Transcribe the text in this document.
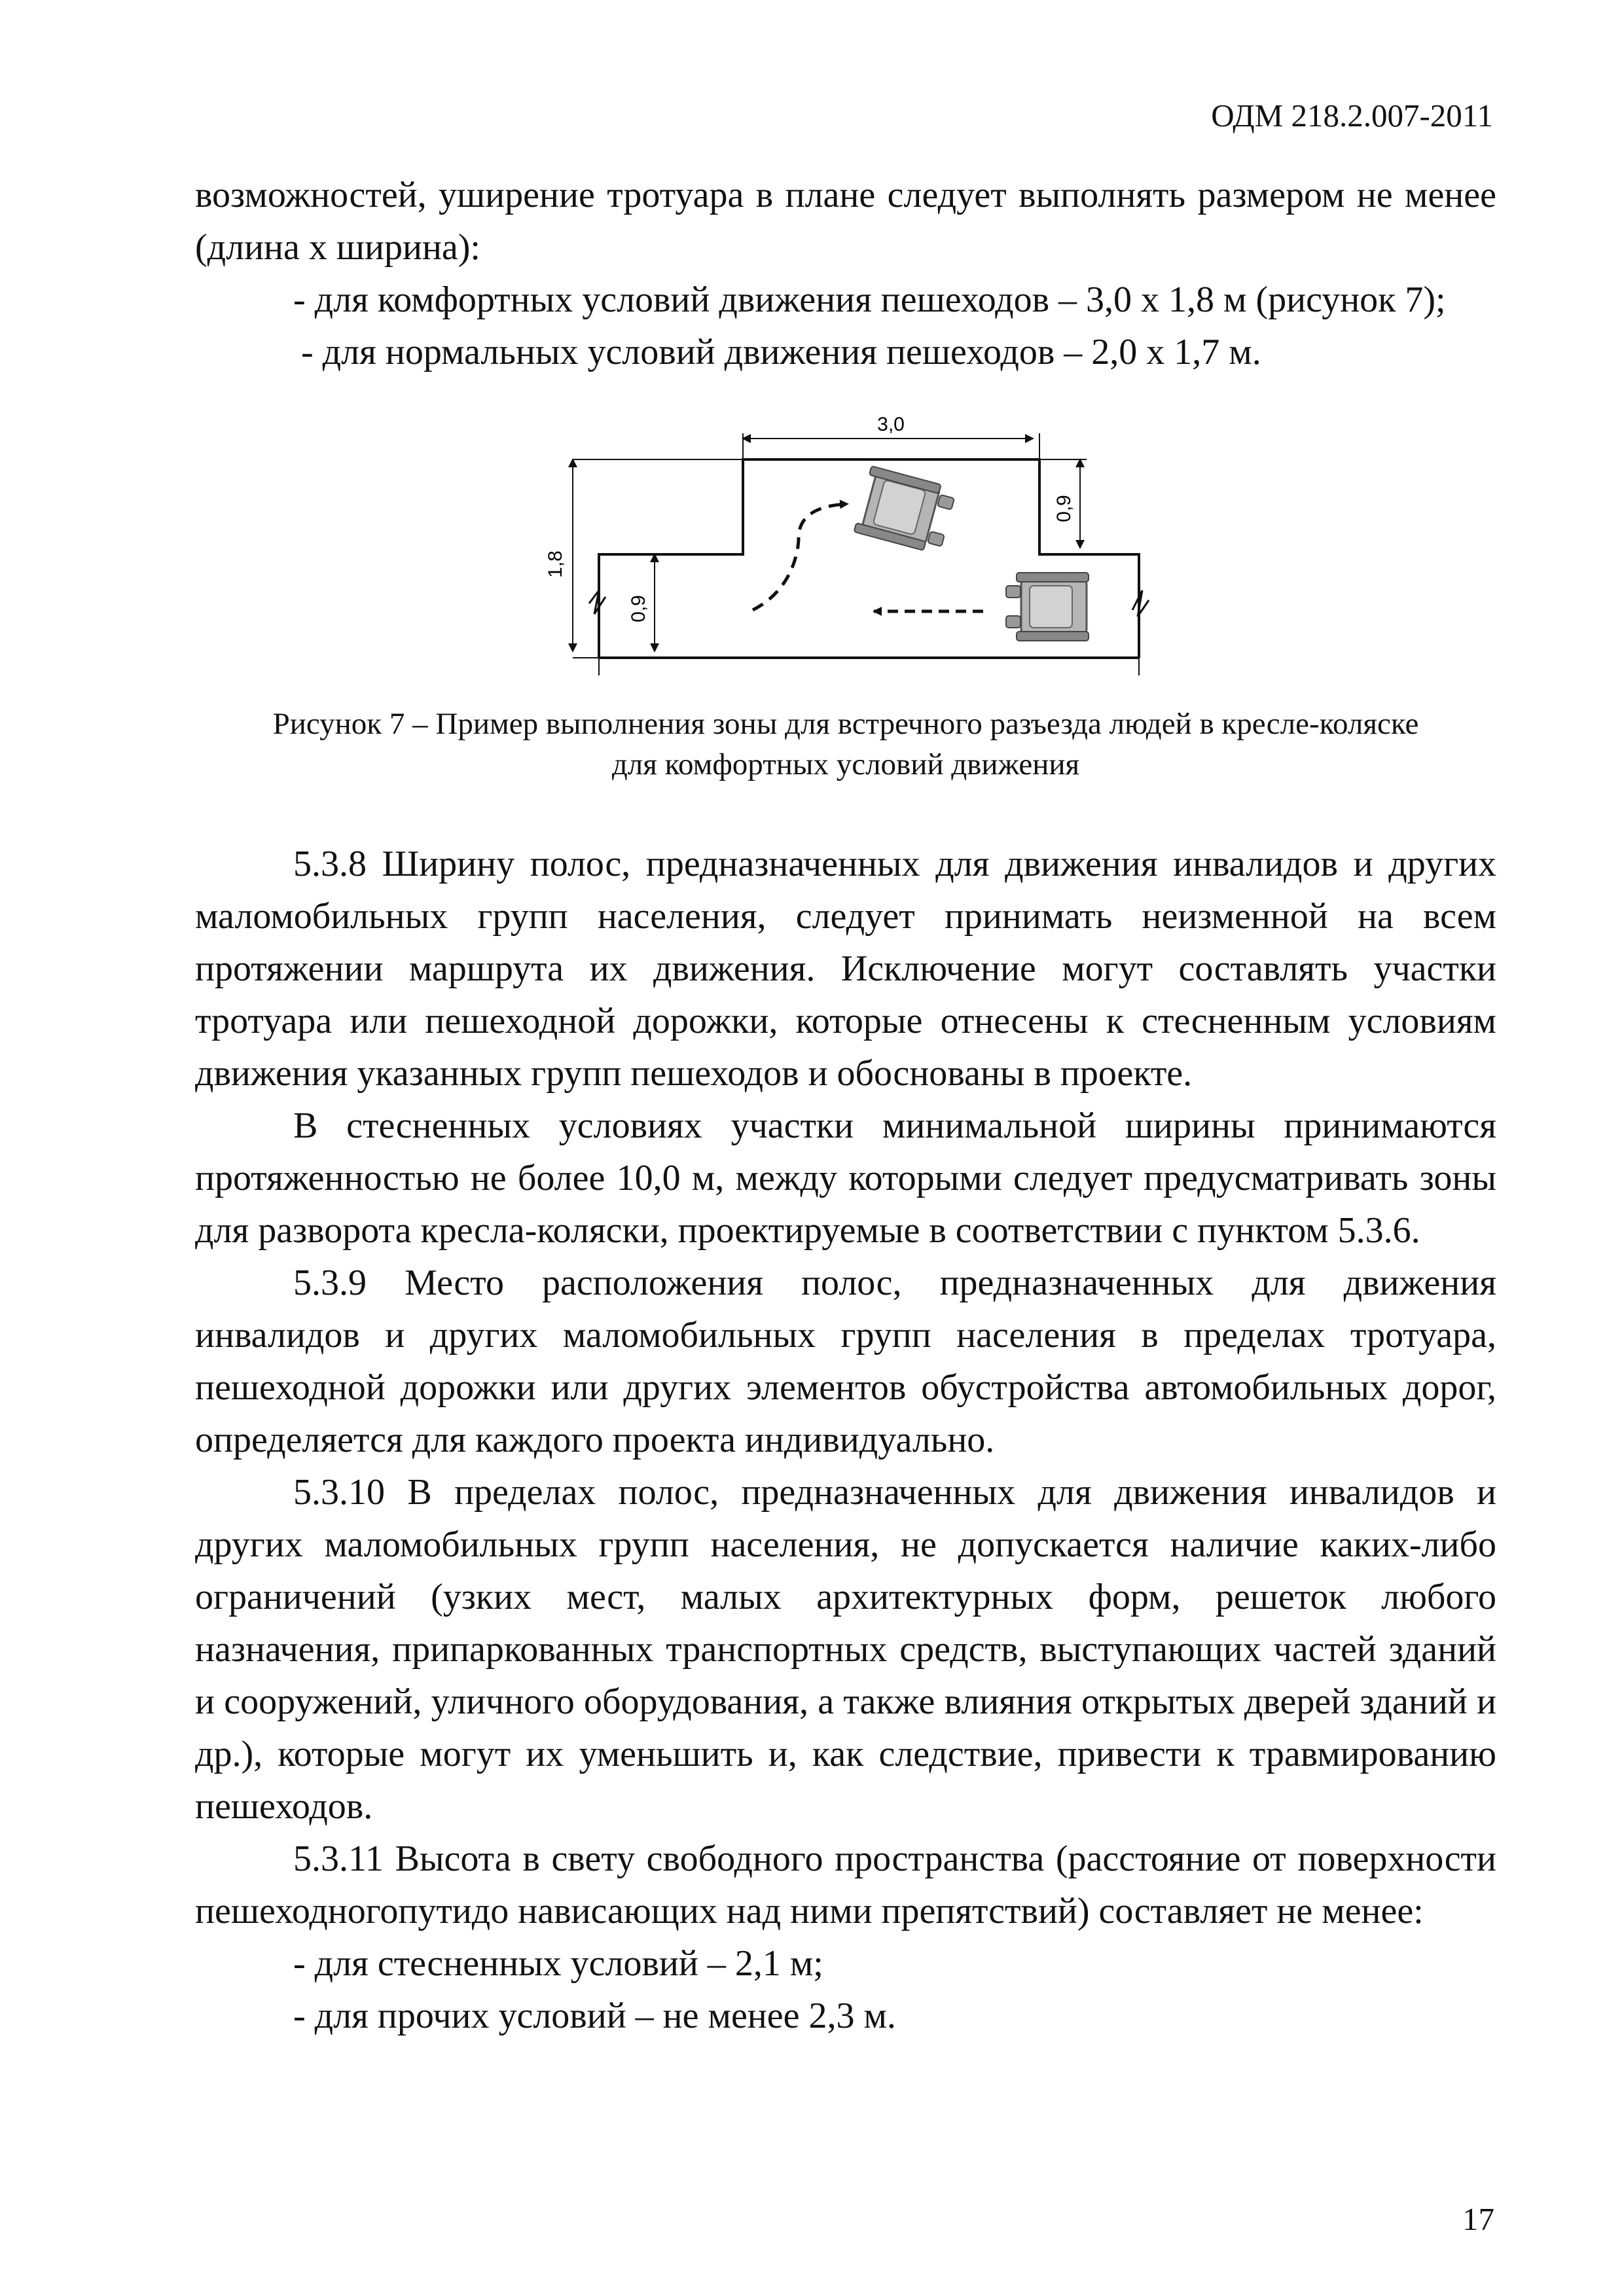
ОДМ 218.2.007-2011

возможностей, уширение тротуара в плане следует выполнять размером не менее (длина х ширина):

- для комфортных условий движения пешеходов – 3,0 х 1,8 м (рисунок 7);

- для нормальных условий движения пешеходов – 2,0 х 1,7 м.

3,0
1,8
0,9
0,9
Рисунок 7 – Пример выполнения зоны для встречного разъезда людей в кресле-коляске
для комфортных условий движения

5.3.8 Ширину полос, предназначенных для движения инвалидов и других маломобильных групп населения, следует принимать неизменной на всем протяжении маршрута их движения. Исключение могут составлять участки тротуара или пешеходной дорожки, которые отнесены к стесненным условиям движения указанных групп пешеходов и обоснованы в проекте.

В стесненных условиях участки минимальной ширины принимаются протяженностью не более 10,0 м, между которыми следует предусматривать зоны для разворота кресла-коляски, проектируемые в соответствии с пунктом 5.3.6.

5.3.9 Место расположения полос, предназначенных для движения инвалидов и других маломобильных групп населения в пределах тротуара, пешеходной дорожки или других элементов обустройства автомобильных дорог, определяется для каждого проекта индивидуально.

5.3.10 В пределах полос, предназначенных для движения инвалидов и других маломобильных групп населения, не допускается наличие каких-либо ограничений (узких мест, малых архитектурных форм, решеток любого назначения, припаркованных транспортных средств, выступающих частей зданий и сооружений, уличного оборудования, а также влияния открытых дверей зданий и др.), которые могут их уменьшить и, как следствие, привести к травмированию пешеходов.

5.3.11 Высота в свету свободного пространства (расстояние от поверхности пешеходногопутидо нависающих над ними препятствий) составляет не менее:

- для стесненных условий – 2,1 м;

- для прочих условий – не менее 2,3 м.

17
